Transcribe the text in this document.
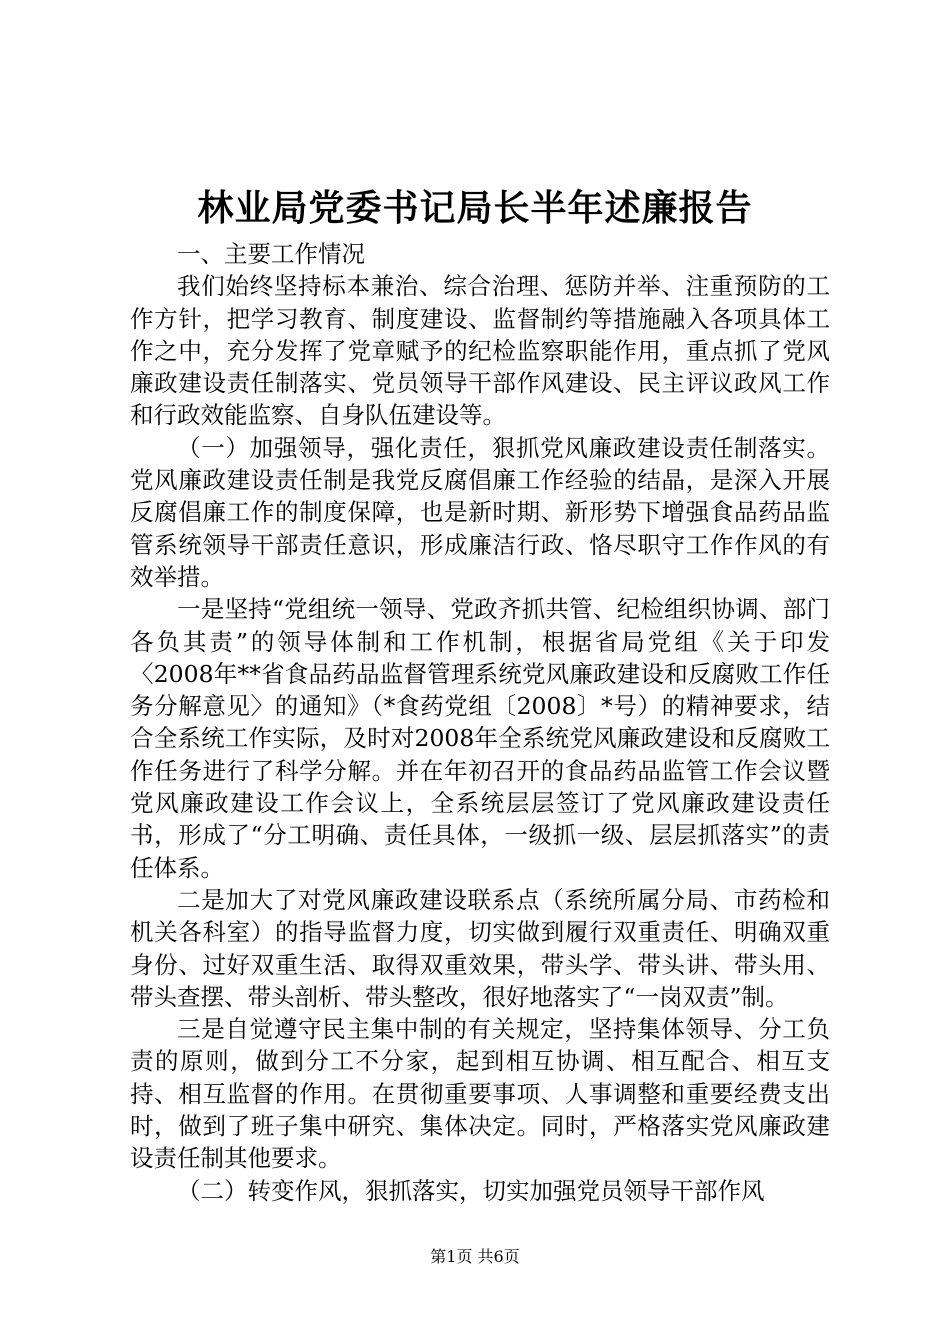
林业局党委书记局长半年述廉报告

一、主要工作情况

我们始终坚持标本兼治、综合治理、惩防并举、注重预防的工作方针，把学习教育、制度建设、监督制约等措施融入各项具体工作之中，充分发挥了党章赋予的纪检监察职能作用，重点抓了党风廉政建设责任制落实、党员领导干部作风建设、民主评议政风工作和行政效能监察、自身队伍建设等。

（一）加强领导，强化责任，狠抓党风廉政建设责任制落实。党风廉政建设责任制是我党反腐倡廉工作经验的结晶，是深入开展反腐倡廉工作的制度保障，也是新时期、新形势下增强食品药品监管系统领导干部责任意识，形成廉洁行政、恪尽职守工作作风的有效举措。

一是坚持“党组统一领导、党政齐抓共管、纪检组织协调、部门各负其责”的领导体制和工作机制，根据省局党组《关于印发〈2008年**省食品药品监督管理系统党风廉政建设和反腐败工作任务分解意见〉的通知》（*食药党组〔2008〕*号）的精神要求，结合全系统工作实际，及时对2008年全系统党风廉政建设和反腐败工作任务进行了科学分解。并在年初召开的食品药品监管工作会议暨党风廉政建设工作会议上，全系统层层签订了党风廉政建设责任书，形成了“分工明确、责任具体，一级抓一级、层层抓落实”的责任体系。

二是加大了对党风廉政建设联系点（系统所属分局、市药检和机关各科室）的指导监督力度，切实做到履行双重责任、明确双重身份、过好双重生活、取得双重效果，带头学、带头讲、带头用、带头查摆、带头剖析、带头整改，很好地落实了“一岗双责”制。

三是自觉遵守民主集中制的有关规定，坚持集体领导、分工负责的原则，做到分工不分家，起到相互协调、相互配合、相互支持、相互监督的作用。在贯彻重要事项、人事调整和重要经费支出时，做到了班子集中研究、集体决定。同时，严格落实党风廉政建设责任制其他要求。

（二）转变作风，狠抓落实，切实加强党员领导干部作风

第1页 共6页
